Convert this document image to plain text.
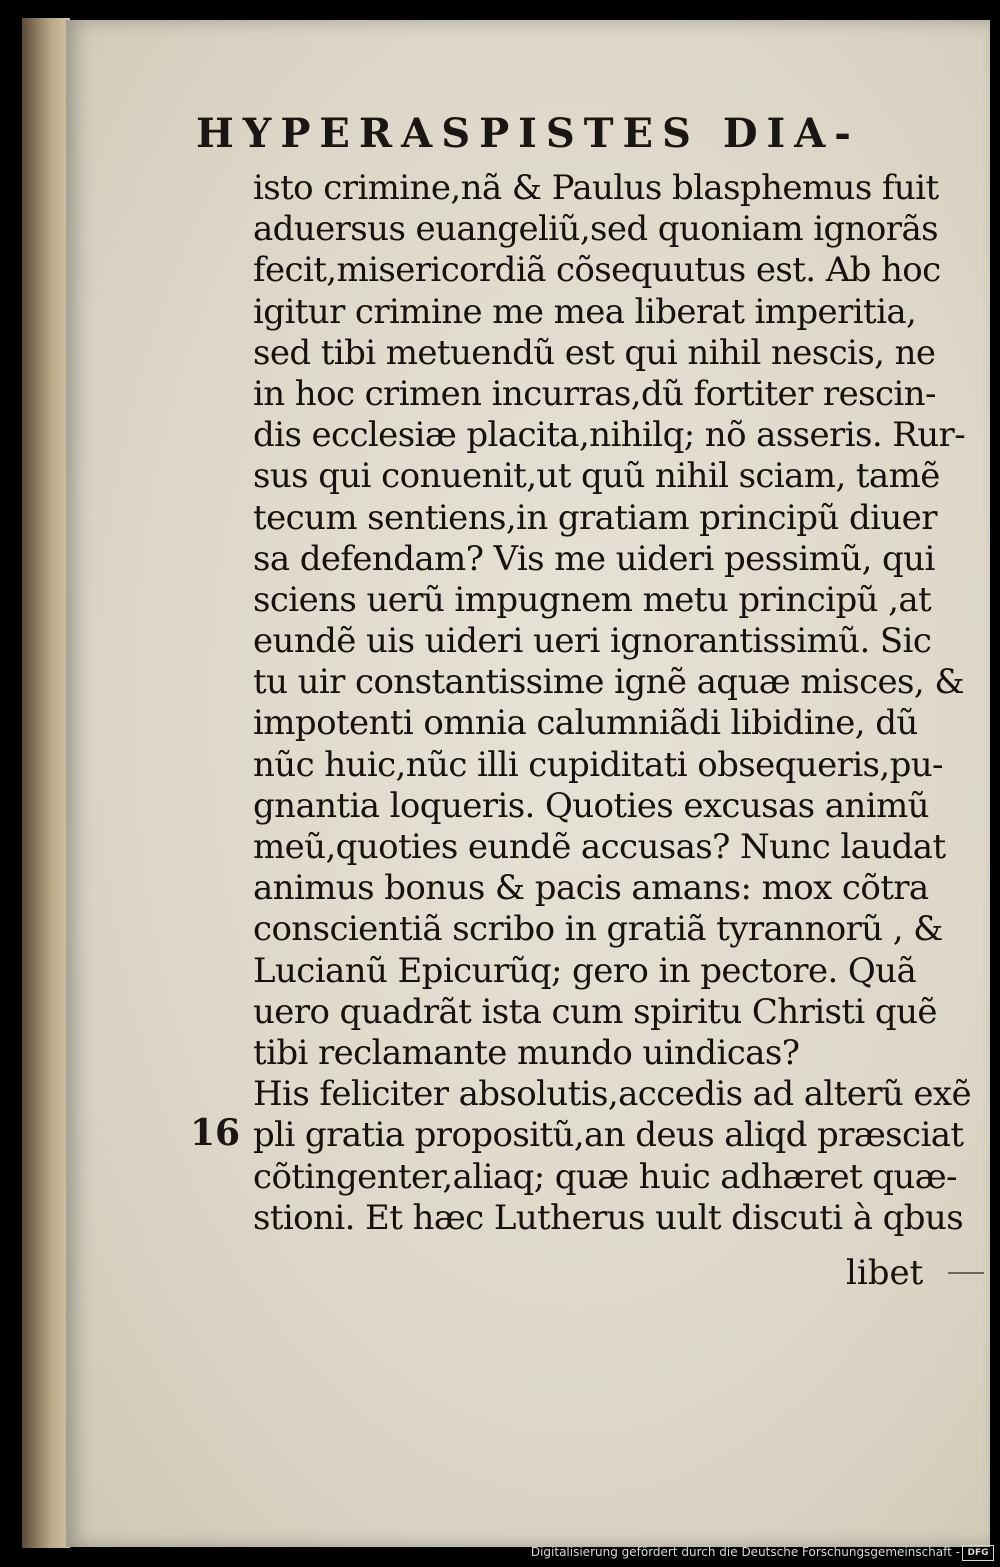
HYPERASPISTES DIA-
isto crimine,nã & Paulus blasphemus fuit
aduersus euangeliũ,sed quoniam ignorãs
fecit,misericordiã cõsequutus est. Ab hoc
igitur crimine me mea liberat imperitia,
sed tibi metuendũ est qui nihil nescis, ne
in hoc crimen incurras,dũ fortiter rescin-
dis ecclesiæ placita,nihilq; nõ asseris. Rur-
sus qui conuenit,ut quũ nihil sciam, tamẽ
tecum sentiens,in gratiam principũ diuer
sa defendam? Vis me uideri pessimũ, qui
sciens uerũ impugnem metu principũ ,at
eundẽ uis uideri ueri ignorantissimũ. Sic
tu uir constantissime ignẽ aquæ misces, &
impotenti omnia calumniãdi libidine, dũ
nũc huic,nũc illi cupiditati obsequeris,pu-
gnantia loqueris. Quoties excusas animũ
meũ,quoties eundẽ accusas? Nunc laudat
animus bonus & pacis amans: mox cõtra
conscientiã scribo in gratiã tyrannorũ , &
Lucianũ Epicurũq; gero in pectore. Quã
uero quadrãt ista cum spiritu Christi quẽ
tibi reclamante mundo uindicas?
His feliciter absolutis,accedis ad alterũ exẽ
pli gratia propositũ,an deus aliqd præsciat
cõtingenter,aliaq; quæ huic adhæret quæ-
stioni. Et hæc Lutherus uult discuti à qbus
16
libet
Digitalisierung gefördert durch die Deutsche Forschungsgemeinschaft - DFG
